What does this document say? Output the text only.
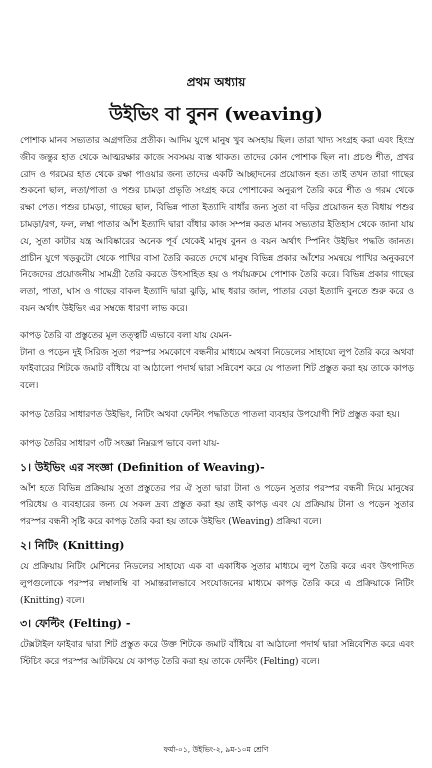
প্রথম অধ্যায়
উইভিং বা বুনন (weaving)

পোশাক মানব সভ্যতার অগ্রগতির প্রতীক। আদিম যুগে মানুষ খুব অসহায় ছিল। তারা খাদ্য সংগ্রহ করা এবং হিংস্র জীব জন্তুর হাত থেকে আত্মরক্ষার কাজে সবসময় ব্যস্ত থাকত। তাদের কোন পোশাক ছিল না। প্রচণ্ড শীত, প্রখর রোদ ও গরমের হাত থেকে রক্ষা পাওয়ার জন্য তাদের একটি আচ্ছাদনের প্রয়োজন হত। তাই তখন তারা গাছের শুকনো ছাল, লতা/পাতা ও পশুর চামড়া প্রভৃতি সংগ্রহ করে পোশাকের অনুরূপ তৈরি করে শীত ও গরম থেকে রক্ষা পেত। পশুর চামড়া, গাছের ছাল, বিভিন্ন পাতা ইত্যাদি বাধাঁর জন্য সুতা বা দড়ির প্রয়োজন হত বিধায় পশুর চামড়া/রগ, ফল, লম্বা পাতার আঁশ ইত্যাদি দ্বারা বাঁধার কাজ সম্পন্ন করত মানব সভ্যতার ইতিহাস থেকে জানা যায় যে, সুতা কাটার যন্ত্র আবিষ্কারের অনেক পূর্ব থেকেই মানুষ বুনন ও বয়ন অর্থাৎ স্পিনিং উইভিং পদ্ধতি জানত। প্রাচীন যুগে খড়কুটো থেকে পাখির বাসা তৈরি করতে দেখে মানুষ বিভিন্ন প্রকার আঁশের সমন্বয়ে পাখির অনুকরণে নিজেদের প্রয়োজনীয় সামগ্রী তৈরি করতে উৎসাহিত হয় ও পর্যায়ক্রমে পোশাক তৈরি করে। বিভিন্ন প্রকার গাছের লতা, পাতা, ঘাস ও গাছের বাকল ইত্যাদি দ্বারা ঝুড়ি, মাছ ধরার জাল, পাতার বেড়া ইত্যাদি বুনতে শুরু করে ও বয়ন অর্থাৎ উইভিং এর সম্বন্ধে ধারণা লাভ করে।

কাপড় তৈরি বা প্রস্তুতের মূল তত্ত্বটি এভাবে বলা যায় যেমন-

টানা ও পড়েন দুই সিরিজ সুতা পরস্পর সমকোণে বন্ধনীর মাধ্যমে অথবা নিডেলের সাহায্যে লুপ তৈরি করে অথবা ফাইবারের শিটকে জমাট বাঁধিয়ে বা আঠালো পদার্থ দ্বারা সন্নিবেশ করে যে পাতলা শিট প্রস্তুত করা হয় তাকে কাপড় বলে।

কাপড় তৈরির সাধারণত উইভিং, নিটিং অথবা ফেল্টিং পদ্ধতিতে পাতলা ব্যবহার উপযোগী শিট প্রস্তুত করা হয়।

কাপড় তৈরির সাধারণ ৩টি সংজ্ঞা নিম্নরূপ ভাবে বলা যায়-

১। উইভিং এর সংজ্ঞা (Definition of Weaving)-

আঁশ হতে বিভিন্ন প্রক্রিয়ায় সুতা প্রস্তুতের পর ঐ সুতা দ্বারা টানা ও পড়েন সুতার পরস্পর বন্ধনী দিয়ে মানুষের পরিধেয় ও ব্যবহারের জন্য যে সকল দ্রব্য প্রস্তুত করা হয় তাই কাপড় এবং যে প্রক্রিয়ায় টানা ও পড়েন সুতার পরস্পর বন্ধনী সৃষ্টি করে কাপড় তৈরি করা হয় তাকে উইভিং (Weaving) প্রক্রিয়া বলে।

২। নিটিং (Knitting)

যে প্রক্রিয়ায় নিটিং মেশিনের নিডলের সাহায্যে এক বা একাধিক সুতার মাধ্যমে লুপ তৈরি করে এবং উৎপাদিত লুপগুলোকে পরস্পর লম্বালম্বি বা সমান্তরালভাবে সংযোজনের মাধ্যমে কাপড় তৈরি করে এ প্রক্রিয়াকে নিটিং (Knitting) বলে।

৩। ফেল্টিং (Felting) -

টেক্সটাইল ফাইবার দ্বারা শিট প্রস্তুত করে উক্ত শিটকে জমাট বাঁধিয়ে বা আঠালো পদার্থ দ্বারা সন্নিবেশিত করে এবং স্টিচিং করে পরস্পর আটকিয়ে যে কাপড় তৈরি করা হয় তাকে ফেল্টিং (Felting) বলে।

ফর্মা-০১, উইভিং-২, ৯ম-১০ম শ্রেণি
